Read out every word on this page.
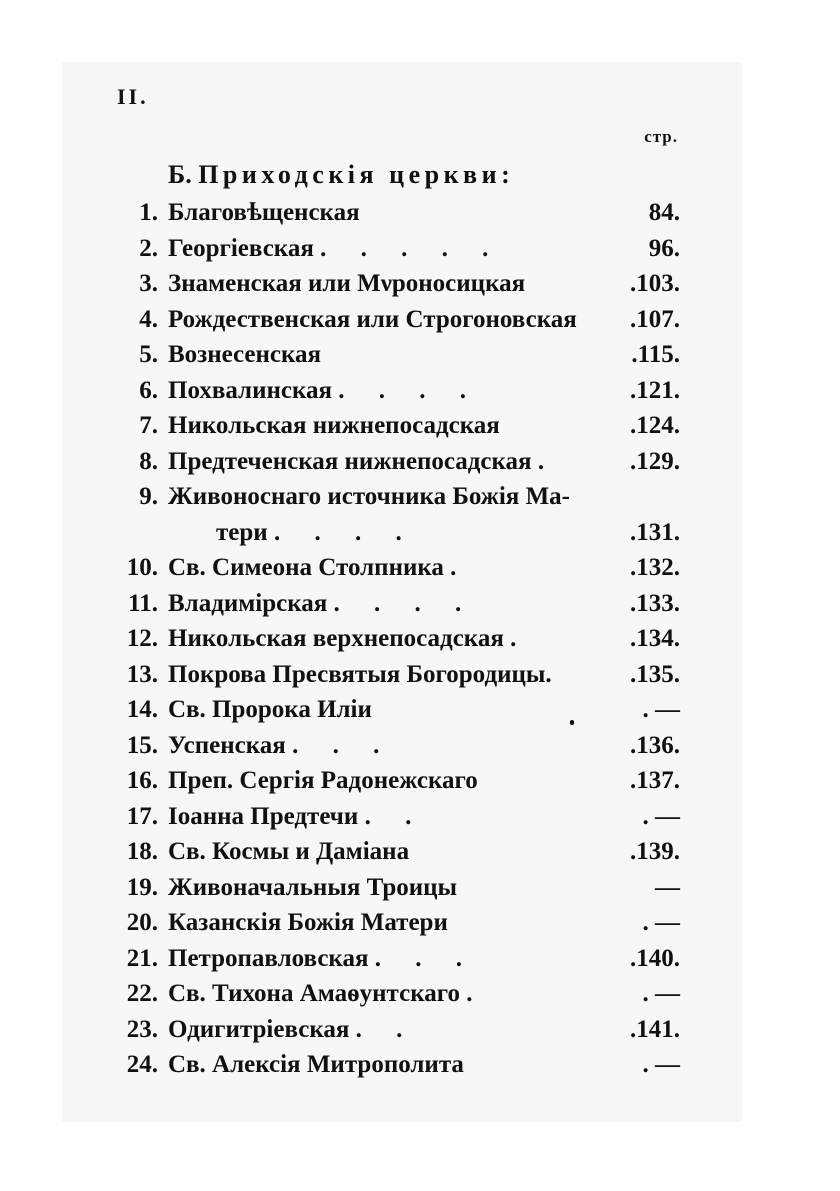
II.
стр.
Б. Приходскія церкви:
1. Благовѣщенская	84.
2. Георгіевская . . . . .	96.
3. Знаменская или Мνроносицкая	.103.
4. Рождественская или Строгоновская .107.
5. Вознесенская	.115.
6. Похвалинская . . . .	.121.
7. Никольская нижнепосадская	.124.
8. Предтеченская нижнепосадская .	.129.
9. Живоноснаго источника Божія Ма-
тери . . . .	.131.
10. Св. Симеона Столпника .	.132.
11. Владимірская . . . .	.133.
12. Никольская верхнепосадская .	.134.
13. Покрова Пресвятыя Богородицы.	.135.
14. Св. Пророка Иліи	. —
15. Успенская . . .	.136.
16. Преп. Сергія Радонежскаго	.137.
17. Іоанна Предтечи . .	. —
18. Св. Космы и Даміана	.139.
19. Живоначальныя Троицы	—
20. Казанскія Божія Матери	. —
21. Петропавловская . . .	.140.
22. Св. Тихона Амаѳунтскаго .	. —
23. Одигитріевская . .	.141.
24. Св. Алексія Митрополита	. —
